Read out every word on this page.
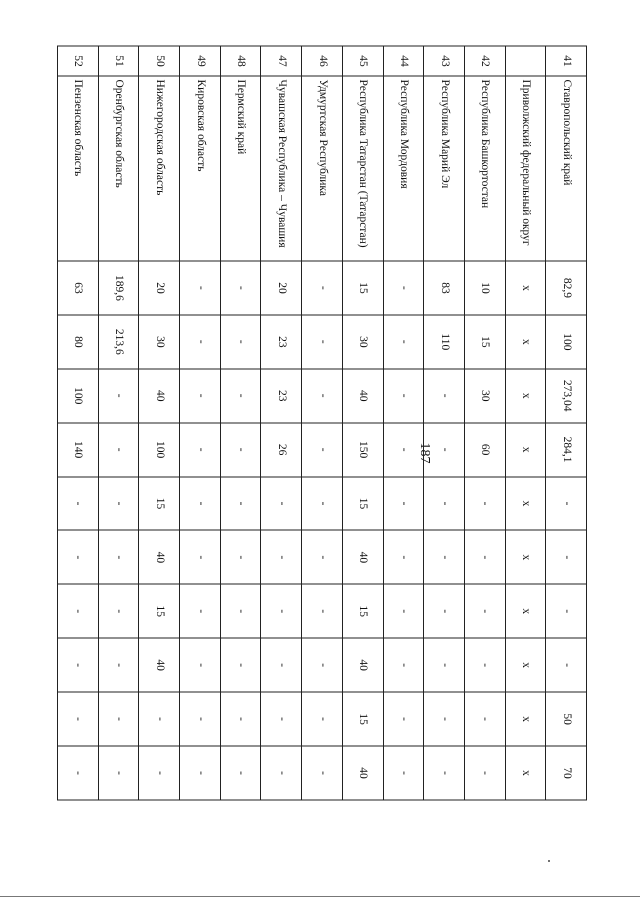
187
41	Ставропольский край	82,9	100	273,04	284,1	-	-	-	-	50	70
	Приволжский федеральный округ	x	x	x	x	x	x	x	x	x	x
42	Республика Башкортостан	10	15	30	60	-	-	-	-	-	-
43	Республика Марий Эл	83	110	-	-	-	-	-	-	-	-
44	Республика Мордовия	-	-	-	-	-	-	-	-	-	-
45	Республика Татарстан (Татарстан)	15	30	40	150	15	40	15	40	15	40
46	Удмуртская Республика	-	-	-	-	-	-	-	-	-	-
47	Чувашская Республика – Чувашия	20	23	23	26	-	-	-	-	-	-
48	Пермский край	-	-	-	-	-	-	-	-	-	-
49	Кировская область	-	-	-	-	-	-	-	-	-	-
50	Нижегородская область	20	30	40	100	15	40	15	40	-	-
51	Оренбургская область	189,6	213,6	-	-	-	-	-	-	-	-
52	Пензенская область	63	80	100	140	-	-	-	-	-	-
